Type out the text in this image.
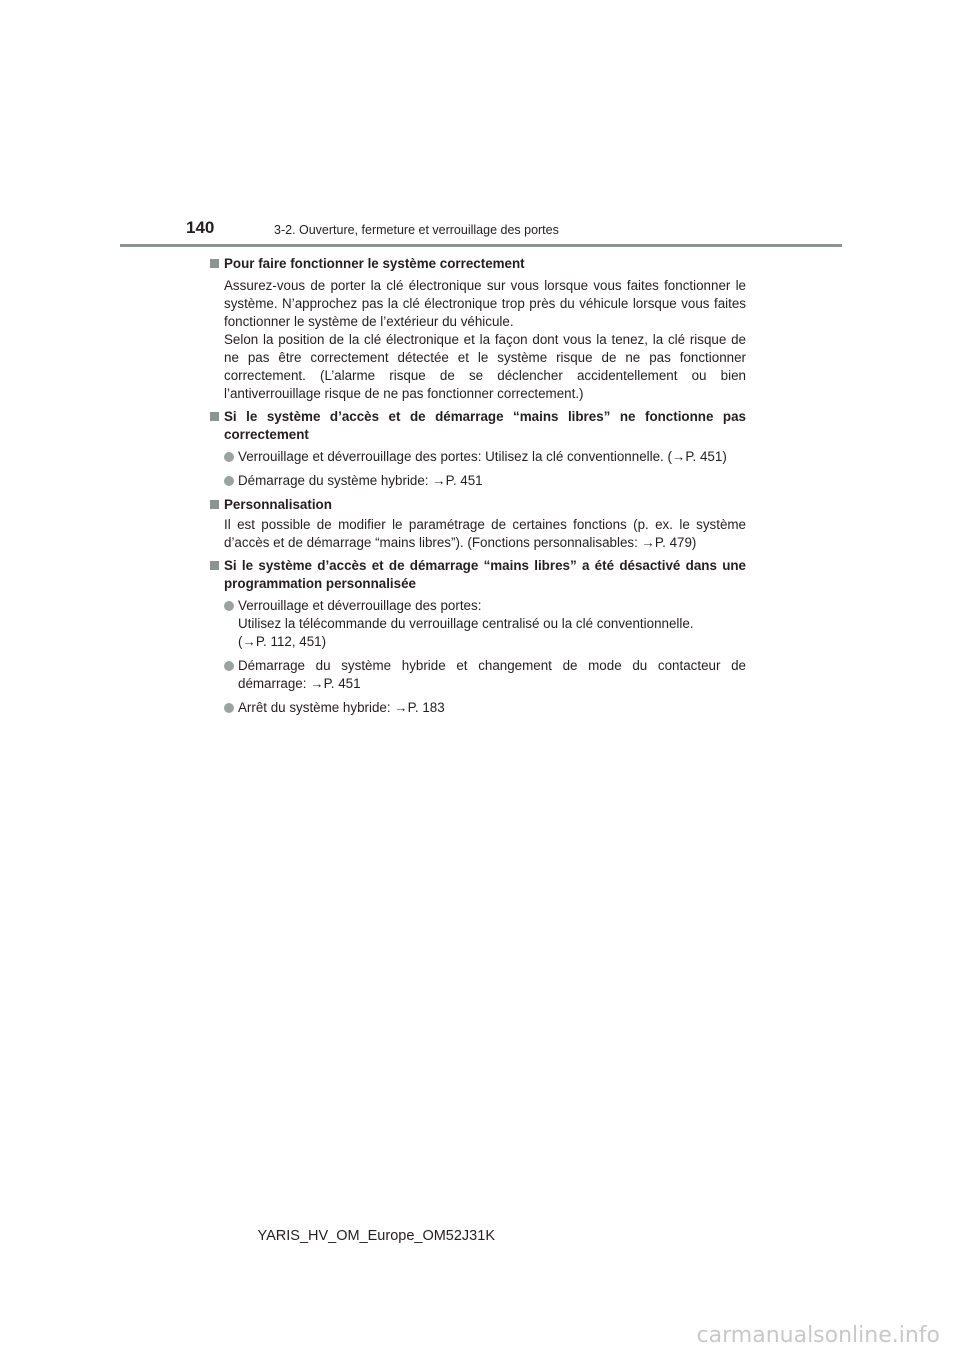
140	3-2. Ouverture, fermeture et verrouillage des portes

Pour faire fonctionner le système correctement

Assurez-vous de porter la clé électronique sur vous lorsque vous faites fonctionner le système. N’approchez pas la clé électronique trop près du véhicule lorsque vous faites fonctionner le système de l’extérieur du véhicule.

Selon la position de la clé électronique et la façon dont vous la tenez, la clé risque de ne pas être correctement détectée et le système risque de ne pas fonctionner correctement. (L’alarme risque de se déclencher accidentellement ou bien l’antiverrouillage risque de ne pas fonctionner correctement.)

Si le système d’accès et de démarrage “mains libres” ne fonctionne pas correctement

Verrouillage et déverrouillage des portes: Utilisez la clé conventionnelle. (→P. 451)
Démarrage du système hybride: →P. 451

Personnalisation

Il est possible de modifier le paramétrage de certaines fonctions (p. ex. le système d’accès et de démarrage “mains libres”). (Fonctions personnalisables: →P. 479)

Si le système d’accès et de démarrage “mains libres” a été désactivé dans une programmation personnalisée

Verrouillage et déverrouillage des portes:
Utilisez la télécommande du verrouillage centralisé ou la clé conventionnelle.
(→P. 112, 451)
Démarrage du système hybride et changement de mode du contacteur de démarrage: →P. 451
Arrêt du système hybride: →P. 183
YARIS_HV_OM_Europe_OM52J31K
carmanualsonline.info
